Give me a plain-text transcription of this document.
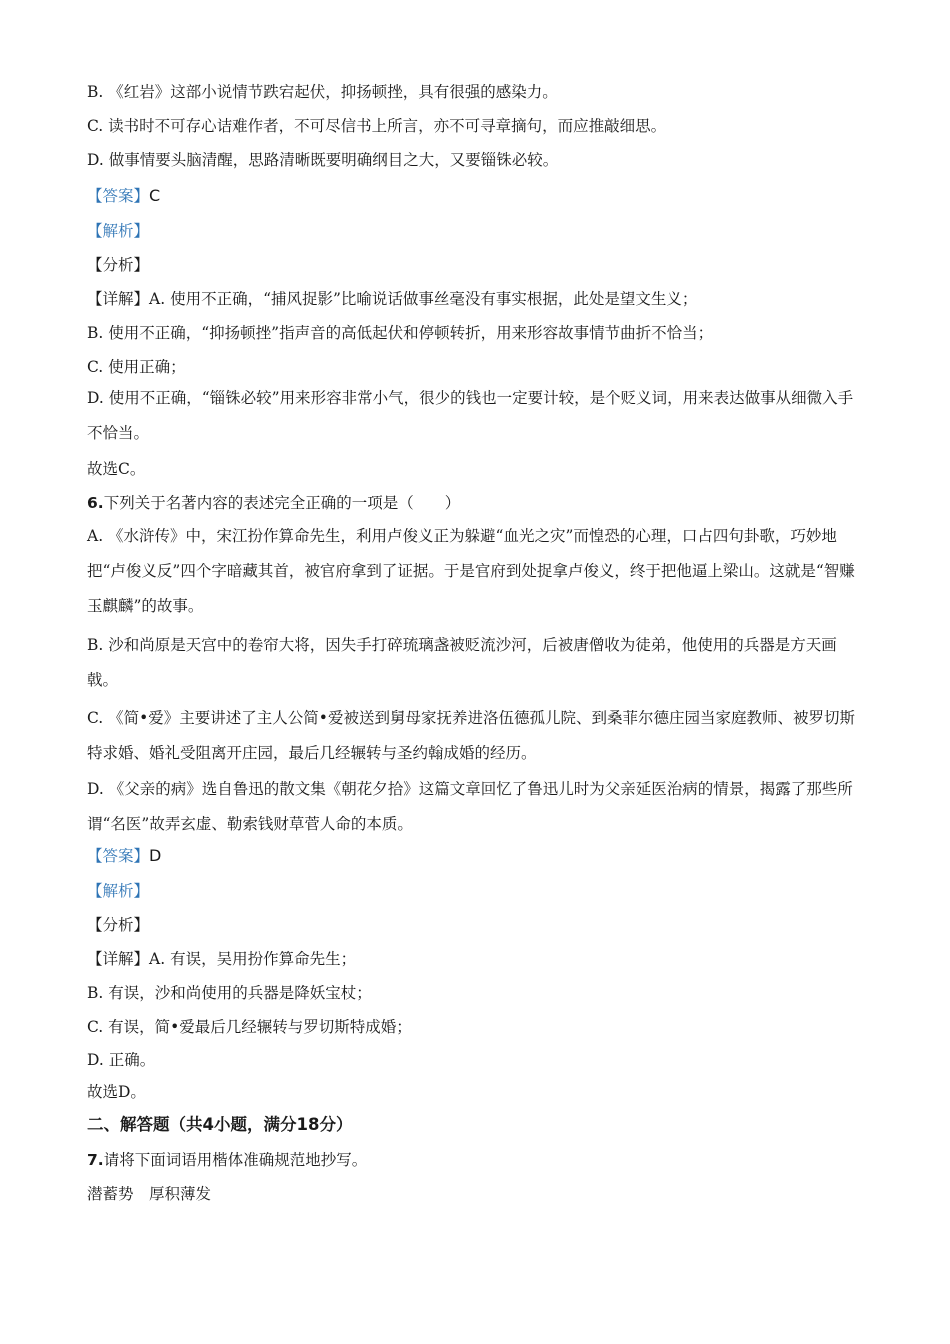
B. 《红岩》这部小说情节跌宕起伏，抑扬顿挫，具有很强的感染力。
C. 读书时不可存心诘难作者，不可尽信书上所言，亦不可寻章摘句，而应推敲细思。
D. 做事情要头脑清醒，思路清晰既要明确纲目之大，又要锱铢必较。
【答案】C
【解析】
【分析】
【详解】A. 使用不正确，“捕风捉影”比喻说话做事丝毫没有事实根据，此处是望文生义；
B. 使用不正确，“抑扬顿挫”指声音的高低起伏和停顿转折，用来形容故事情节曲折不恰当；
C. 使用正确；
D. 使用不正确，“锱铢必较”用来形容非常小气，很少的钱也一定要计较，是个贬义词，用来表达做事从细微入手不恰当。
故选C。
6.下列关于名著内容的表述完全正确的一项是（　　）
A. 《水浒传》中，宋江扮作算命先生，利用卢俊义正为躲避“血光之灾”而惶恐的心理，口占四句卦歌，巧妙地把“卢俊义反”四个字暗藏其首，被官府拿到了证据。于是官府到处捉拿卢俊义，终于把他逼上梁山。这就是“智赚玉麒麟”的故事。
B. 沙和尚原是天宫中的卷帘大将，因失手打碎琉璃盏被贬流沙河，后被唐僧收为徒弟，他使用的兵器是方天画戟。
C. 《简•爱》主要讲述了主人公简•爱被送到舅母家抚养进洛伍德孤儿院、到桑菲尔德庄园当家庭教师、被罗切斯特求婚、婚礼受阻离开庄园，最后几经辗转与圣约翰成婚的经历。
D. 《父亲的病》选自鲁迅的散文集《朝花夕拾》这篇文章回忆了鲁迅儿时为父亲延医治病的情景，揭露了那些所谓“名医”故弄玄虚、勒索钱财草菅人命的本质。
【答案】D
【解析】
【分析】
【详解】A. 有误，吴用扮作算命先生；
B. 有误，沙和尚使用的兵器是降妖宝杖；
C. 有误，简•爱最后几经辗转与罗切斯特成婚；
D. 正确。
故选D。
二、解答题（共4小题，满分18分）
7.请将下面词语用楷体准确规范地抄写。
潜蓄势　厚积薄发
